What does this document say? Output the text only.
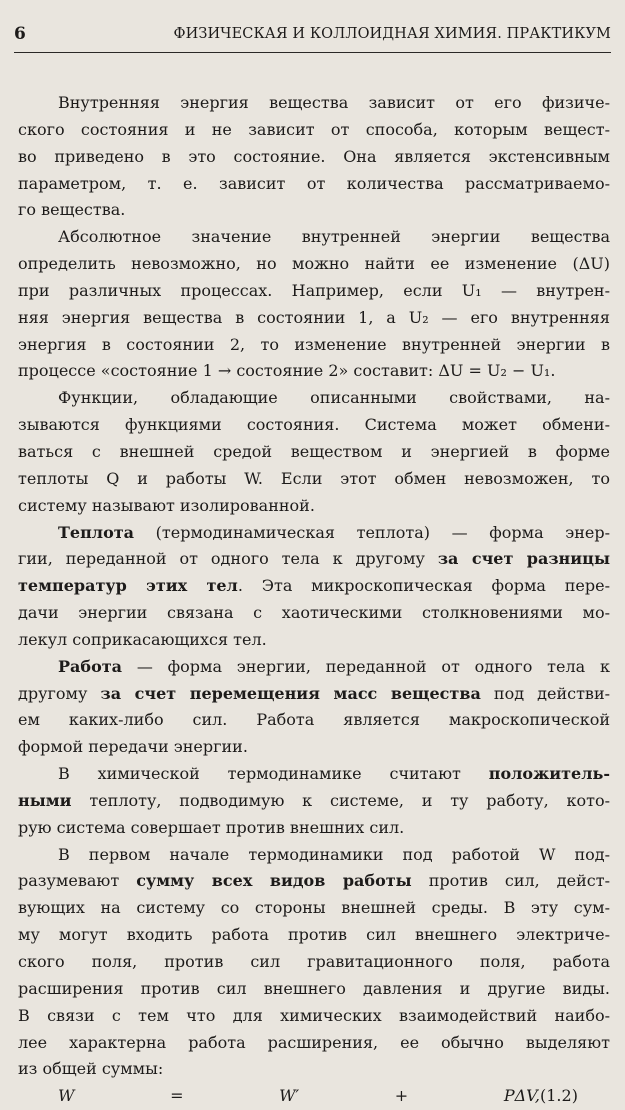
6	ФИЗИЧЕСКАЯ И КОЛЛОИДНАЯ ХИМИЯ. ПРАКТИКУМ
Внутренняя энергия вещества зависит от его физиче-
ского состояния и не зависит от способа, которым вещест-
во приведено в это состояние. Она является экстенсивным
параметром, т. е. зависит от количества рассматриваемо-
го вещества.
Абсолютное значение внутренней энергии вещества
определить невозможно, но можно найти ее изменение (ΔU)
при различных процессах. Например, если U₁ — внутрен-
няя энергия вещества в состоянии 1, а U₂ — его внутренняя
энергия в состоянии 2, то изменение внутренней энергии в
процессе «состояние 1 → состояние 2» составит: ΔU = U₂ − U₁.
Функции, обладающие описанными свойствами, на-
зываются функциями состояния. Система может обмени-
ваться с внешней средой веществом и энергией в форме
теплоты Q и работы W. Если этот обмен невозможен, то
систему называют изолированной.
Теплота (термодинамическая теплота) — форма энер-
гии, переданной от одного тела к другому за счет разницы
температур этих тел. Эта микроскопическая форма пере-
дачи энергии связана с хаотическими столкновениями мо-
лекул соприкасающихся тел.
Работа — форма энергии, переданной от одного тела к
другому за счет перемещения масс вещества под действи-
ем каких-либо сил. Работа является макроскопической
формой передачи энергии.
В химической термодинамике считают положитель-
ными теплоту, подводимую к системе, и ту работу, кото-
рую система совершает против внешних сил.
В первом начале термодинамики под работой W под-
разумевают сумму всех видов работы против сил, дейст-
вующих на систему со стороны внешней среды. В эту сум-
му могут входить работа против сил внешнего электриче-
ского поля, против сил гравитационного поля, работа
расширения против сил внешнего давления и другие виды.
В связи с тем что для химических взаимодействий наибо-
лее характерна работа расширения, ее обычно выделяют
из общей суммы:
W = W′ + PΔV, (1.2)
